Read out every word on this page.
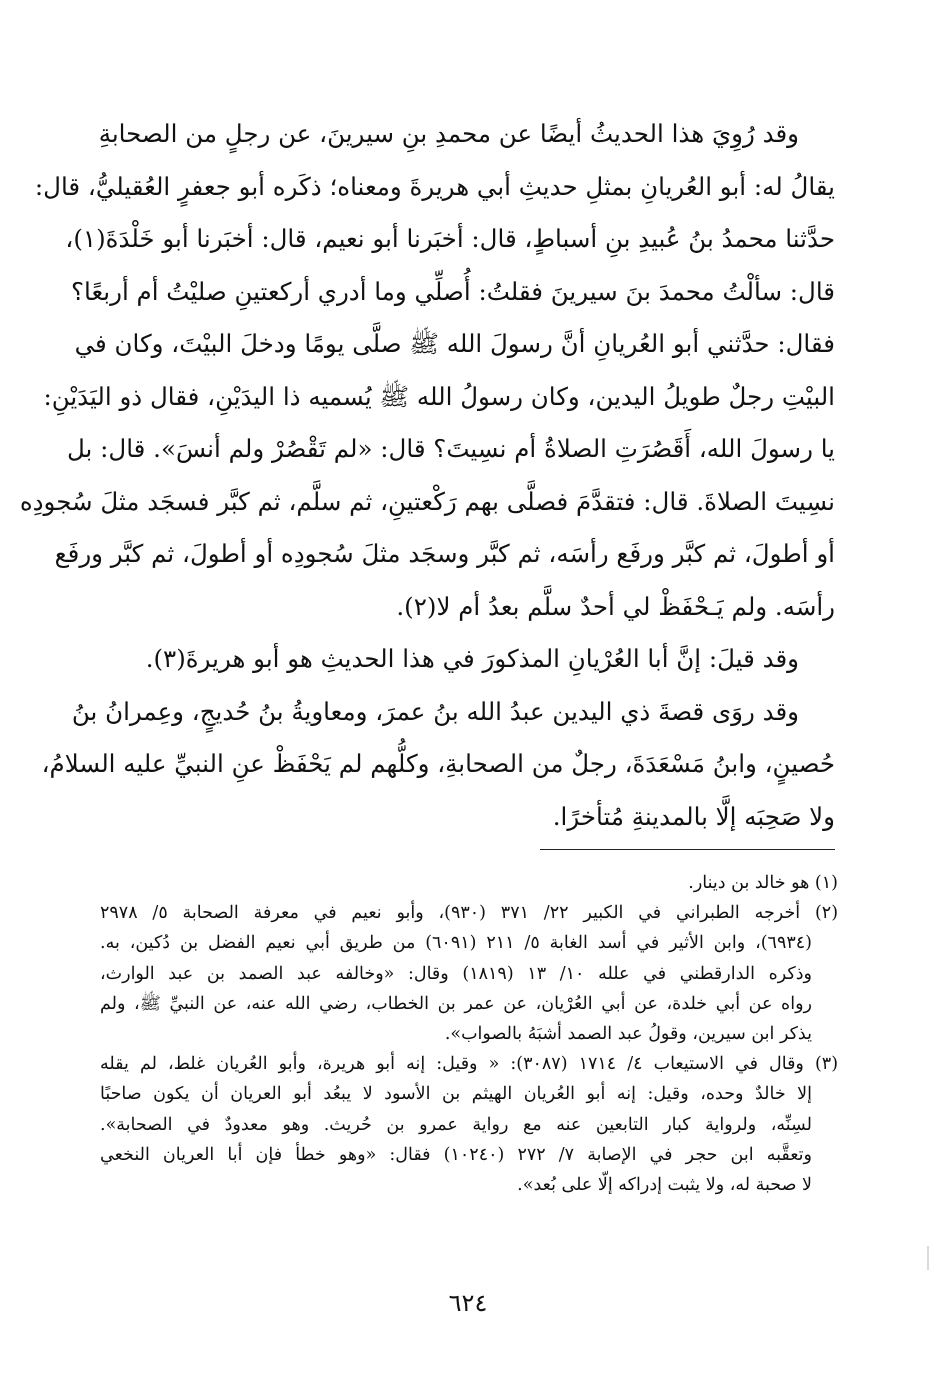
وقد رُوِيَ هذا الحديثُ أيضًا عن محمدِ بنِ سيرينَ، عن رجلٍ من الصحابةِ
يقالُ له: أبو العُريانِ بمثلِ حديثِ أبي هريرةَ ومعناه؛ ذكَره أبو جعفرٍ العُقيليُّ، قال:
حدَّثنا محمدُ بنُ عُبيدِ بنِ أسباطٍ، قال: أخبَرنا أبو نعيم، قال: أخبَرنا أبو خَلْدَةَ(١)،
قال: سألْتُ محمدَ بنَ سيرينَ فقلتُ: أُصلِّي وما أدري أركعتينِ صليْتُ أم أربعًا؟
فقال: حدَّثني أبو العُريانِ أنَّ رسولَ الله ﷺ صلَّى يومًا ودخلَ البيْتَ، وكان في
البيْتِ رجلٌ طويلُ اليدين، وكان رسولُ الله ﷺ يُسميه ذا اليدَيْنِ، فقال ذو اليَدَيْنِ:
يا رسولَ الله، أَقَصُرَتِ الصلاةُ أم نسِيتَ؟ قال: «لم تَقْصُرْ ولم أنسَ». قال: بل
نسِيتَ الصلاةَ. قال: فتقدَّمَ فصلَّى بهم رَكْعتينِ، ثم سلَّم، ثم كبَّر فسجَد مثلَ سُجودِه
أو أطولَ، ثم كبَّر ورفَع رأسَه، ثم كبَّر وسجَد مثلَ سُجودِه أو أطولَ، ثم كبَّر ورفَع
رأسَه. ولم يَـحْفَظْ لي أحدٌ سلَّم بعدُ أم لا(٢).
وقد قيلَ: إنَّ أبا العُرْيانِ المذكورَ في هذا الحديثِ هو أبو هريرةَ(٣).
وقد روَى قصةَ ذي اليدين عبدُ الله بنُ عمرَ، ومعاويةُ بنُ حُديجٍ، وعِمرانُ بنُ
حُصينٍ، وابنُ مَسْعَدَةَ، رجلٌ من الصحابةِ، وكلُّهم لم يَحْفَظْ عنِ النبيِّ عليه السلامُ،
ولا صَحِبَه إلَّا بالمدينةِ مُتأخرًا.
(١) هو خالد بن دينار.
(٢) أخرجه الطبراني في الكبير ٢٢/ ٣٧١ (٩٣٠)، وأبو نعيم في معرفة الصحابة ٥/ ٢٩٧٨
(٦٩٣٤)، وابن الأثير في أسد الغابة ٥/ ٢١١ (٦٠٩١) من طريق أبي نعيم الفضل بن دُكين، به.
وذكره الدارقطني في علله ١٠/ ١٣ (١٨١٩) وقال: «وخالفه عبد الصمد بن عبد الوارث،
رواه عن أبي خلدة، عن أبي العُرْيان، عن عمر بن الخطاب، رضي الله عنه، عن النبيِّ ﷺ، ولم
يذكر ابن سيرين، وقولُ عبد الصمد أشبَهُ بالصواب».
(٣) وقال في الاستيعاب ٤/ ١٧١٤ (٣٠٨٧): « وقيل: إنه أبو هريرة، وأبو العُريان غلط، لم يقله
إلا خالدٌ وحده، وقيل: إنه أبو العُريان الهيثم بن الأسود لا يبعُد أبو العريان أن يكون صاحبًا
لسِنِّه، ولرواية كبار التابعين عنه مع رواية عمرو بن حُريث. وهو معدودٌ في الصحابة».
وتعقَّبه ابن حجر في الإصابة ٧/ ٢٧٢ (١٠٢٤٠) فقال: «وهو خطأ فإن أبا العريان النخعي
لا صحبة له، ولا يثبت إدراكه إلّا على بُعد».
٦٢٤
